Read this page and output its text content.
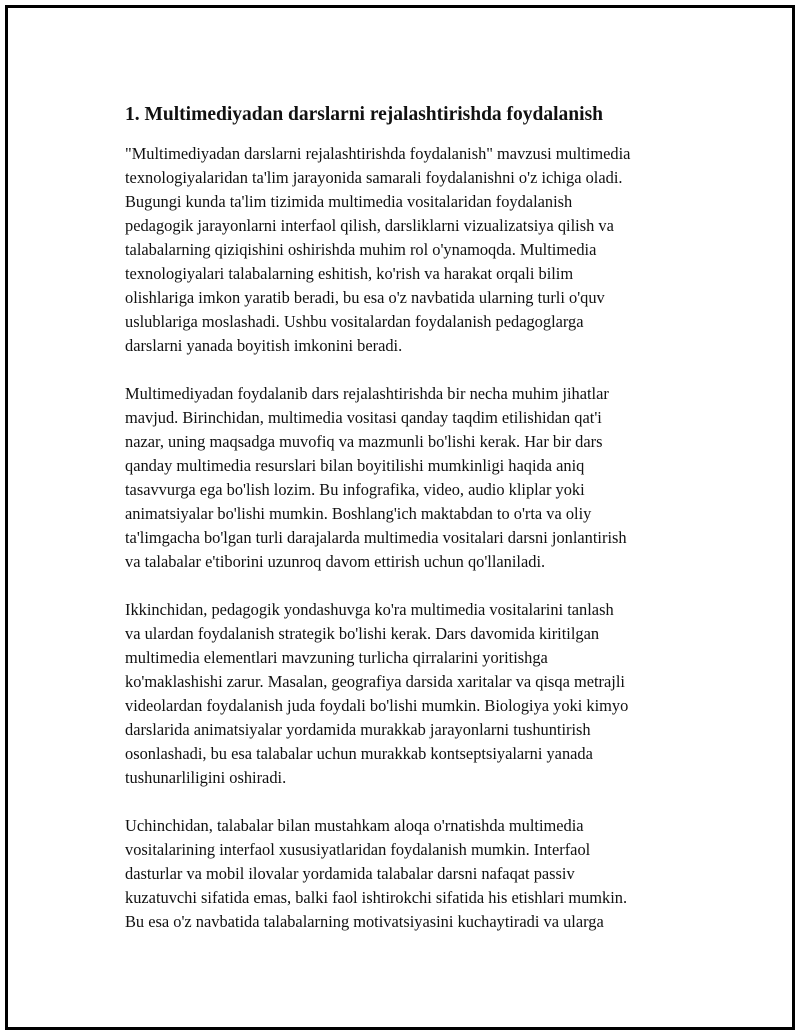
1. Multimediyadan darslarni rejalashtirishda foydalanish

"Multimediyadan darslarni rejalashtirishda foydalanish" mavzusi multimedia
texnologiyalaridan ta'lim jarayonida samarali foydalanishni o'z ichiga oladi.
Bugungi kunda ta'lim tizimida multimedia vositalaridan foydalanish
pedagogik jarayonlarni interfaol qilish, darsliklarni vizualizatsiya qilish va
talabalarning qiziqishini oshirishda muhim rol o'ynamoqda. Multimedia
texnologiyalari talabalarning eshitish, ko'rish va harakat orqali bilim
olishlariga imkon yaratib beradi, bu esa o'z navbatida ularning turli o'quv
uslublariga moslashadi. Ushbu vositalardan foydalanish pedagoglarga
darslarni yanada boyitish imkonini beradi.

Multimediyadan foydalanib dars rejalashtirishda bir necha muhim jihatlar
mavjud. Birinchidan, multimedia vositasi qanday taqdim etilishidan qat'i
nazar, uning maqsadga muvofiq va mazmunli bo'lishi kerak. Har bir dars
qanday multimedia resurslari bilan boyitilishi mumkinligi haqida aniq
tasavvurga ega bo'lish lozim. Bu infografika, video, audio kliplar yoki
animatsiyalar bo'lishi mumkin. Boshlang'ich maktabdan to o'rta va oliy
ta'limgacha bo'lgan turli darajalarda multimedia vositalari darsni jonlantirish
va talabalar e'tiborini uzunroq davom ettirish uchun qo'llaniladi.

Ikkinchidan, pedagogik yondashuvga ko'ra multimedia vositalarini tanlash
va ulardan foydalanish strategik bo'lishi kerak. Dars davomida kiritilgan
multimedia elementlari mavzuning turlicha qirralarini yoritishga
ko'maklashishi zarur. Masalan, geografiya darsida xaritalar va qisqa metrajli
videolardan foydalanish juda foydali bo'lishi mumkin. Biologiya yoki kimyo
darslarida animatsiyalar yordamida murakkab jarayonlarni tushuntirish
osonlashadi, bu esa talabalar uchun murakkab kontseptsiyalarni yanada
tushunarliligini oshiradi.

Uchinchidan, talabalar bilan mustahkam aloqa o'rnatishda multimedia
vositalarining interfaol xususiyatlaridan foydalanish mumkin. Interfaol
dasturlar va mobil ilovalar yordamida talabalar darsni nafaqat passiv
kuzatuvchi sifatida emas, balki faol ishtirokchi sifatida his etishlari mumkin.
Bu esa o'z navbatida talabalarning motivatsiyasini kuchaytiradi va ularga
